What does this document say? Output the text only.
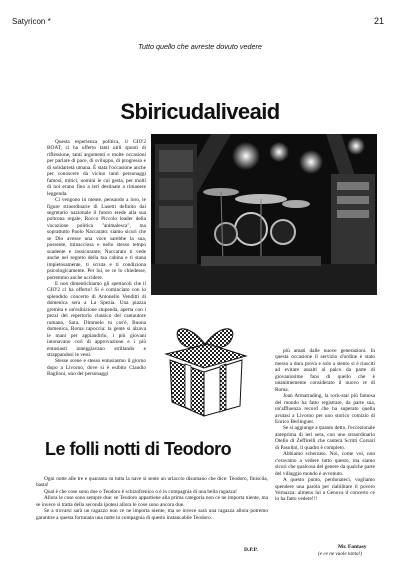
Satyricon *	21
Tutto quello che avreste dovuto vedere
Sbiricudaliveaid

Questa esperienza politica, il GIO'2 BOAT, ci ha offerto tanti utili spunti di riflessione, tanti argomenti e molte occasioni per parlare di pace, di sviluppo, di progresso e di solidarietà umana. È stata l'occasione anche per conoscere da vicino tanti personaggi famosi, mitici, uomini le cui gesta, per molti di noi erano fino a ieri destinate a rimanere leggenda.

Ci vengono in mente, pensando a loro, le figure straordinarie di Lusetti definito dal segretario nazionale il futuro erede alla sua poltrona regale, Rocco Piccolo leader della vocazione politica "animalesca", ma soprattutto Paolo Naccarato: siamo sicuri che se Dio avesse una voce sarebbe la sua, possente, minacciosa e nello stesso tempo suadente e rassicurante; Naccarato ti vede anche nel segreto della tua cabina e ti stana impietosamente, ti scruta e ti condiziona psicologicamente. Per lui, se ce lo chiedesse, potremmo anche uccidere.

E non dimentichiamo gli spettacoli che il GIO'2 ci ha offerto! Si è cominciato con lo splendido concerto di Antonello Venditti di domenica sera a La Spezia. Una piazza gremita e un'esibizione stupenda, aperta con i pezzi del repertorio classico del cantautore romano, Sara, Dimmelo tu cos'è, Buona domenica, Roma capoccia: la gente si alzava le mani per applaudirlo, i più giovani intonavano cori di approvazione e i più entusiasti inneggiavano strillando e strappandosi le vesti.

Stesse scene e stesso entusiasmo il giorno dopo a Livorno, dove si è esibito Claudio Baglioni, uno dei personaggi

più amati dalle nuove generazioni. In questa occasione il servizio d'ordine è stato messo a dura prova e solo a stento si è riusciti ad evitare assalti al palco da parte di giovanissime fans di quello che è unanimemente considerato il nuovo re di Roma.

Joan Armatrading, la rock-star più famosa del mondo ha fatto registrare, da parte sua, un'affluenza record che ha superato quella avutasi a Livorno per uno storico comizio di Enrico Berlinguer.

Se si aggiunge a quanto detto, l'eccezionale anteprima di ieri sera, con uno straordinario Otello di Zeffirelli che canterà Scritti Corsari di Pasolini, il quadro è completo.

Abbiamo scherzato. Noi, come voi, non c'eravamo a vedere tutto questo, ma siamo sicuri che qualcosa del genere da qualche parte del villaggio mondo è avvenuto.

A questo punto, perdonateci, vogliamo spendere una parola per riabilitare il povero Vernazza: almeno lui a Genova il concerto ce lo ha fatto vedere!!!

Le folli notti di Teodoro

Ogni notte alle tre e quaranta su tutta la nave si sente un urlaccio disumano che dice: Teodoro, finiscila, basta!

Qual è che cose sono due o Teodoro è schizofrenico o è in compagnia di una bella ragazza!

Allora le cose sono sempre due: se Teodoro appartiene alla prima categoria non ce ne importa niente, ma se invece si tratta della seconda ipotesi allora le cose sono ancora due.

Se a trovarsi sarà un ragazzo non ce ne importa niente, ma se invece sarà una ragazza allora potremo garantire a questa fortunata una notte in compagnia di questo instancabile Teodoro.

D.P.P.	Mr. Fantasy
(e ce ne vuole tanta!)
